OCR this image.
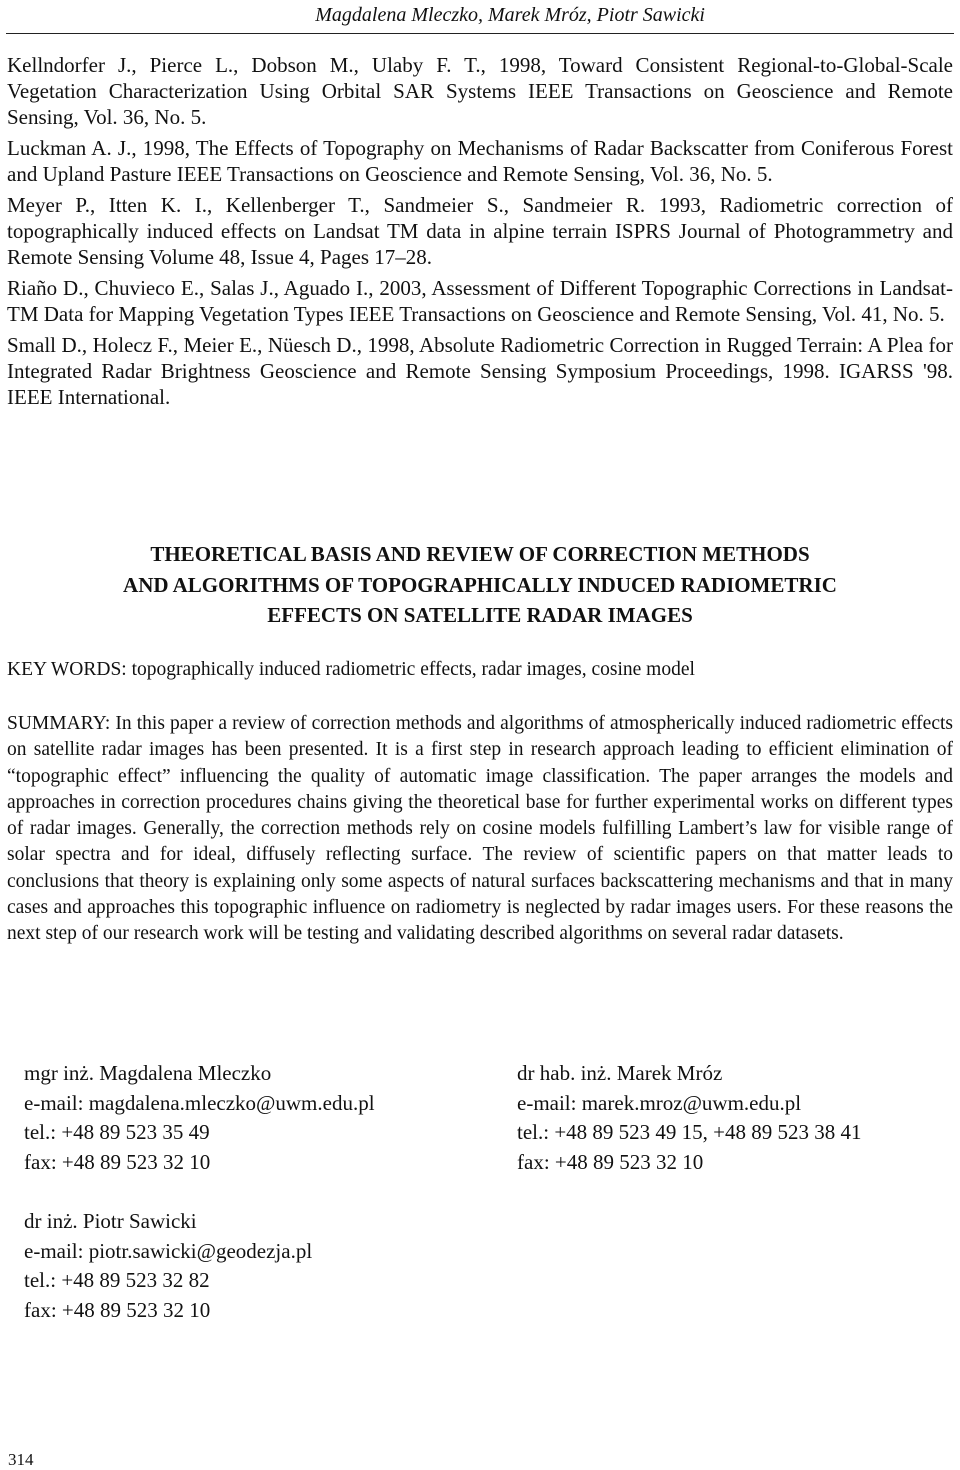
Magdalena Mleczko, Marek Mróz, Piotr Sawicki

Kellndorfer J., Pierce L., Dobson M., Ulaby F. T., 1998, Toward Consistent Regional-to-Global-Scale Vegetation Characterization Using Orbital SAR Systems IEEE Transactions on Geoscience and Remote Sensing, Vol. 36, No. 5.

Luckman A. J., 1998, The Effects of Topography on Mechanisms of Radar Backscatter from Coniferous Forest and Upland Pasture IEEE Transactions on Geoscience and Remote Sensing, Vol. 36, No. 5.

Meyer P., Itten K. I., Kellenberger T., Sandmeier S., Sandmeier R. 1993, Radiometric correction of topographically induced effects on Landsat TM data in alpine terrain ISPRS Journal of Photogrammetry and Remote Sensing Volume 48, Issue 4, Pages 17–28.

Riaño D., Chuvieco E., Salas J., Aguado I., 2003, Assessment of Different Topographic Corrections in Landsat-TM Data for Mapping Vegetation Types IEEE Transactions on Geoscience and Remote Sensing, Vol. 41, No. 5.

Small D., Holecz F., Meier E., Nüesch D., 1998, Absolute Radiometric Correction in Rugged Terrain: A Plea for Integrated Radar Brightness Geoscience and Remote Sensing Symposium Proceedings, 1998. IGARSS '98. IEEE International.

THEORETICAL BASIS AND REVIEW OF CORRECTION METHODS
AND ALGORITHMS OF TOPOGRAPHICALLY INDUCED RADIOMETRIC
EFFECTS ON SATELLITE RADAR IMAGES
KEY WORDS: topographically induced radiometric effects, radar images, cosine model
SUMMARY: In this paper a review of correction methods and algorithms of atmospherically induced radiometric effects on satellite radar images has been presented. It is a first step in research approach leading to efficient elimination of “topographic effect” influencing the quality of automatic image classification. The paper arranges the models and approaches in correction procedures chains giving the theoretical base for further experimental works on different types of radar images. Generally, the correction methods rely on cosine models fulfilling Lambert’s law for visible range of solar spectra and for ideal, diffusely reflecting surface. The review of scientific papers on that matter leads to conclusions that theory is explaining only some aspects of natural surfaces backscattering mechanisms and that in many cases and approaches this topographic influence on radiometry is neglected by radar images users. For these reasons the next step of our research work will be testing and validating described algorithms on several radar datasets.
mgr inż. Magdalena Mleczko
e-mail: magdalena.mleczko@uwm.edu.pl
tel.: +48 89 523 35 49
fax: +48 89 523 32 10
dr hab. inż. Marek Mróz
e-mail: marek.mroz@uwm.edu.pl
tel.: +48 89 523 49 15, +48 89 523 38 41
fax: +48 89 523 32 10
dr inż. Piotr Sawicki
e-mail: piotr.sawicki@geodezja.pl
tel.: +48 89 523 32 82
fax: +48 89 523 32 10
314
